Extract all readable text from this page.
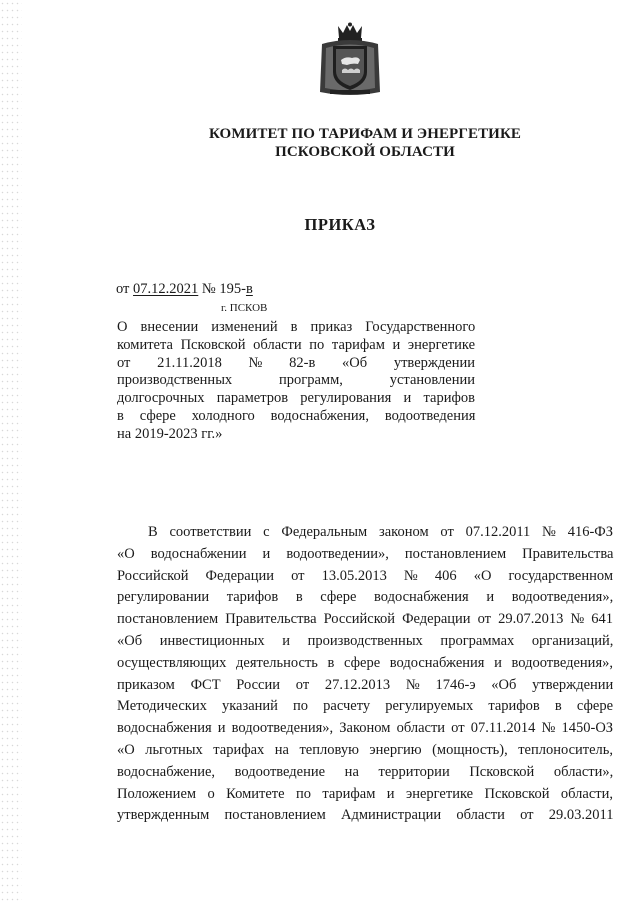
КОМИТЕТ ПО ТАРИФАМ И ЭНЕРГЕТИКЕ
ПСКОВСКОЙ ОБЛАСТИ
ПРИКАЗ
от 07.12.2021 № 195-в
г. ПСКОВ
О внесении изменений в приказ Государственного
комитета Псковской области по тарифам и энергетике
от 21.11.2018 № 82-в «Об утверждении
производственных программ, установлении
долгосрочных параметров регулирования и тарифов
в сфере холодного водоснабжения, водоотведения
на 2019-2023 гг.»
В соответствии с Федеральным законом от 07.12.2011 № 416-ФЗ
«О водоснабжении и водоотведении», постановлением Правительства
Российской Федерации от 13.05.2013 № 406 «О государственном
регулировании тарифов в сфере водоснабжения и водоотведения»,
постановлением Правительства Российской Федерации от 29.07.2013 № 641
«Об инвестиционных и производственных программах организаций,
осуществляющих деятельность в сфере водоснабжения и водоотведения»,
приказом ФСТ России от 27.12.2013 № 1746-э «Об утверждении
Методических указаний по расчету регулируемых тарифов в сфере
водоснабжения и водоотведения», Законом области от 07.11.2014 № 1450-ОЗ
«О льготных тарифах на тепловую энергию (мощность), теплоноситель,
водоснабжение, водоотведение на территории Псковской области»,
Положением о Комитете по тарифам и энергетике Псковской области,
утвержденным постановлением Администрации области от 29.03.2011
